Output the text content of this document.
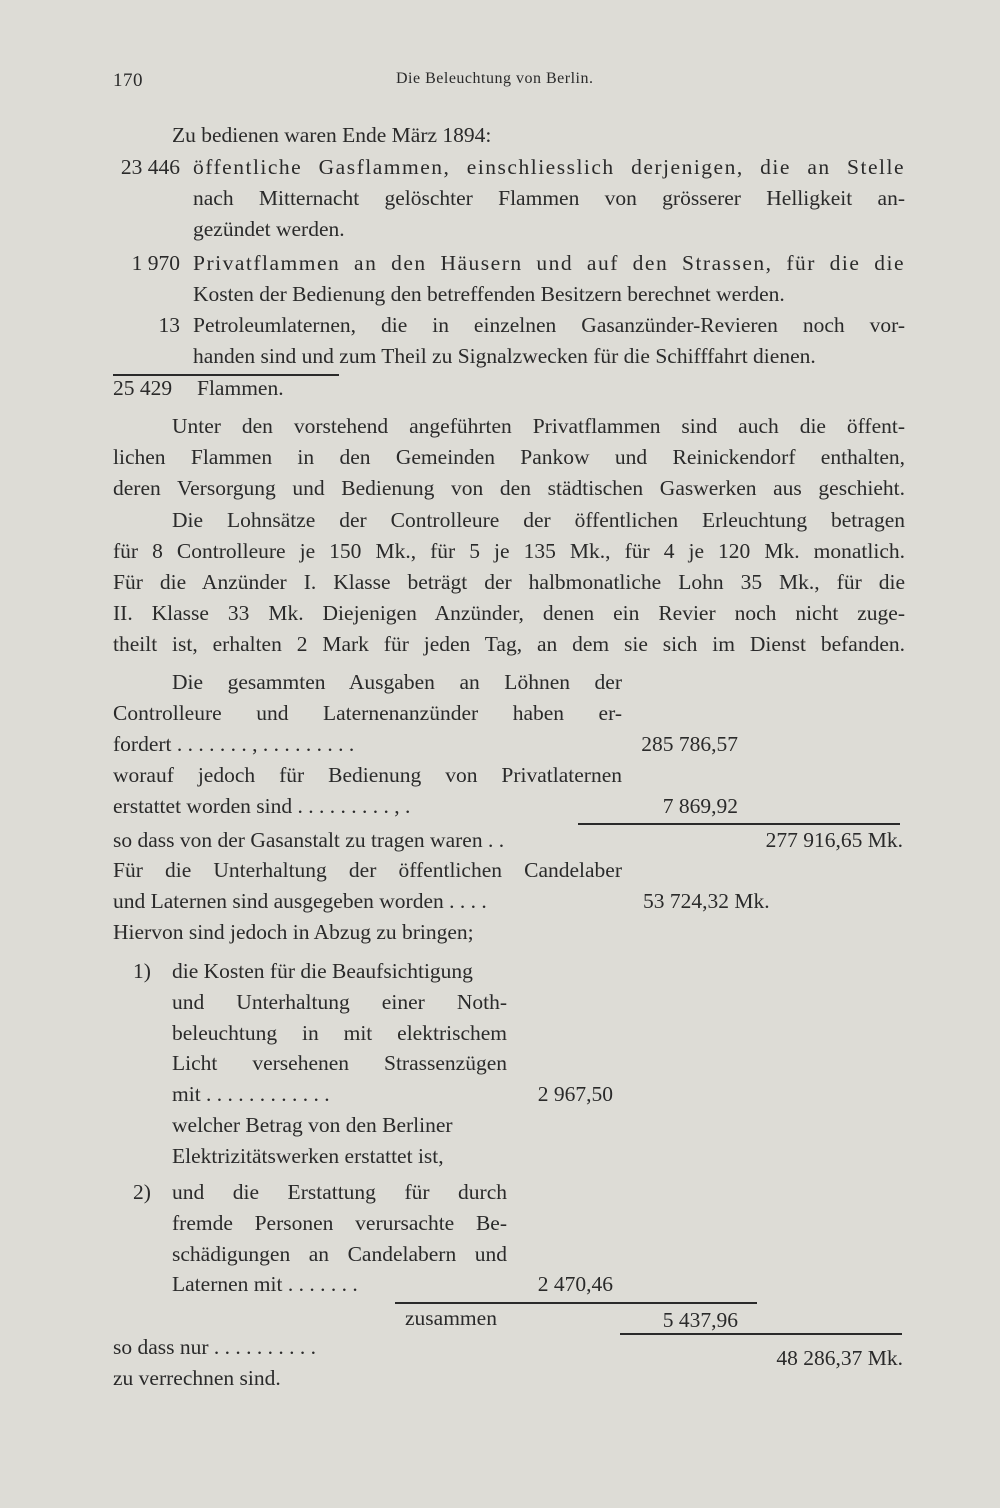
170	Die Beleuchtung von Berlin.
Zu bedienen waren Ende März 1894:
23 446 öffentliche Gasflammen, einschliesslich derjenigen, die an Stelle
nach Mitternacht gelöschter Flammen von grösserer Helligkeit an-
gezündet werden.
1 970 Privatflammen an den Häusern und auf den Strassen, für die die
Kosten der Bedienung den betreffenden Besitzern berechnet werden.
13 Petroleumlaternen, die in einzelnen Gasanzünder-Revieren noch vor-
handen sind und zum Theil zu Signalzwecken für die Schifffahrt dienen.
25 429 Flammen.
Unter den vorstehend angeführten Privatflammen sind auch die öffent-
lichen Flammen in den Gemeinden Pankow und Reinickendorf enthalten,
deren Versorgung und Bedienung von den städtischen Gaswerken aus geschieht.
Die Lohnsätze der Controlleure der öffentlichen Erleuchtung betragen
für 8 Controlleure je 150 Mk., für 5 je 135 Mk., für 4 je 120 Mk. monatlich.
Für die Anzünder I. Klasse beträgt der halbmonatliche Lohn 35 Mk., für die
II. Klasse 33 Mk. Diejenigen Anzünder, denen ein Revier noch nicht zuge-
theilt ist, erhalten 2 Mark für jeden Tag, an dem sie sich im Dienst befanden.
Die gesammten Ausgaben an Löhnen der
Controlleure und Laternenanzünder haben er-
fordert . . . . . . . , . . . . . . . . .	285 786,57
worauf jedoch für Bedienung von Privatlaternen
erstattet worden sind . . . . . . . . . , .	7 869,92
so dass von der Gasanstalt zu tragen waren . .	277 916,65 Mk.
Für die Unterhaltung der öffentlichen Candelaber
und Laternen sind ausgegeben worden . . . .	53 724,32 Mk.
Hiervon sind jedoch in Abzug zu bringen;
1) die Kosten für die Beaufsichtigung
und Unterhaltung einer Noth-
beleuchtung in mit elektrischem
Licht versehenen Strassenzügen
mit . . . . . . . . . . . .	2 967,50
welcher Betrag von den Berliner
Elektrizitätswerken erstattet ist,
2) und die Erstattung für durch
fremde Personen verursachte Be-
schädigungen an Candelabern und
Laternen mit . . . . . . .	2 470,46
zusammen	5 437,96
so dass nur . . . . . . . . . .	48 286,37 Mk.
zu verrechnen sind.
